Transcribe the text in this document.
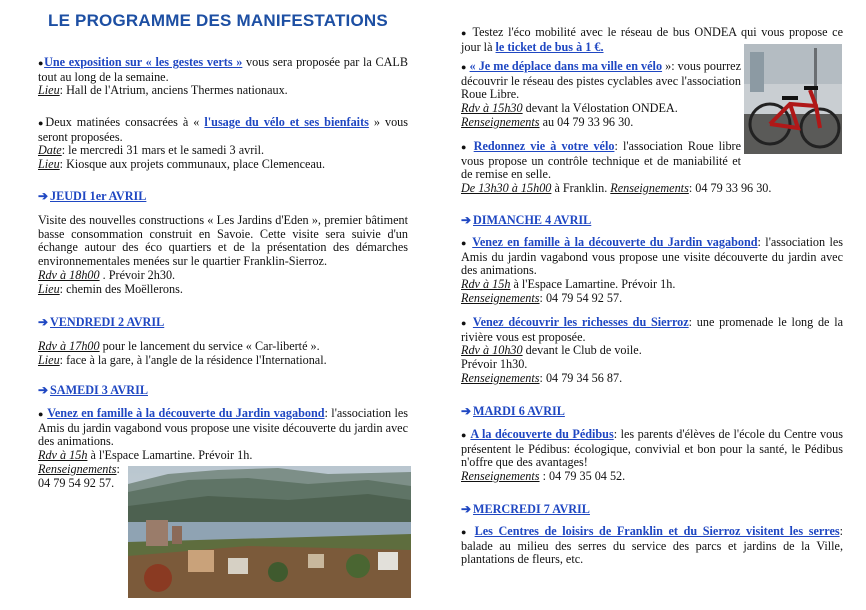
LE PROGRAMME DES MANIFESTATIONS

●Une exposition sur « les gestes verts » vous sera proposée par la CALB tout au long de la semaine.
Lieu: Hall de l'Atrium, anciens Thermes nationaux.

●Deux matinées consacrées à « l'usage du vélo et ses bienfaits » vous seront proposées.
Date: le mercredi 31 mars et le samedi 3 avril.
Lieu: Kiosque aux projets communaux, place Clemenceau.

➔ JEUDI 1er AVRIL

Visite des nouvelles constructions « Les Jardins d'Eden », premier bâtiment basse consommation construit en Savoie. Cette visite sera suivie d'un échange autour des éco quartiers et de la présentation des démarches environnementales menées sur le quartier Franklin-Sierroz.
Rdv à 18h00 . Prévoir 2h30.
Lieu: chemin des Moëllerons.

➔ VENDREDI 2 AVRIL

Rdv à 17h00 pour le lancement du service « Car-liberté ».
Lieu: face à la gare, à l'angle de la résidence l'International.

➔ SAMEDI 3 AVRIL

● Venez en famille à la découverte du Jardin vagabond: l'association les Amis du jardin vagabond vous propose une visite découverte du jardin avec des animations.
Rdv à 15h à l'Espace Lamartine. Prévoir 1h.
Renseignements:
04 79 54 92 57.

● Testez l'éco mobilité avec le réseau de bus ONDEA qui vous propose ce jour là le ticket de bus à 1 €.

● « Je me déplace dans ma ville en vélo »: vous pourrez découvrir le réseau des pistes cyclables avec l'association Roue Libre.
Rdv à 15h30 devant la Vélostation ONDEA.
Renseignements au 04 79 33 96 30.

● Redonnez vie à votre vélo: l'association Roue libre vous propose un contrôle technique et de maniabilité et de remise en selle.

De 13h30 à 15h00 à Franklin. Renseignements: 04 79 33 96 30.

➔ DIMANCHE 4 AVRIL

● Venez en famille à la découverte du Jardin vagabond: l'association les Amis du jardin vagabond vous propose une visite découverte du jardin avec des animations.
Rdv à 15h à l'Espace Lamartine. Prévoir 1h.
Renseignements: 04 79 54 92 57.

● Venez découvrir les richesses du Sierroz: une promenade le long de la rivière vous est proposée.
Rdv à 10h30 devant le Club de voile.
Prévoir 1h30.
Renseignements: 04 79 34 56 87.

➔ MARDI 6 AVRIL

● A la découverte du Pédibus: les parents d'élèves de l'école du Centre vous présentent le Pédibus: écologique, convivial et bon pour la santé, le Pédibus n'offre que des avantages!
Renseignements : 04 79 35 04 52.

➔ MERCREDI 7 AVRIL

● Les Centres de loisirs de Franklin et du Sierroz visitent les serres: balade au milieu des serres du service des parcs et jardins de la Ville, plantations de fleurs, etc.
